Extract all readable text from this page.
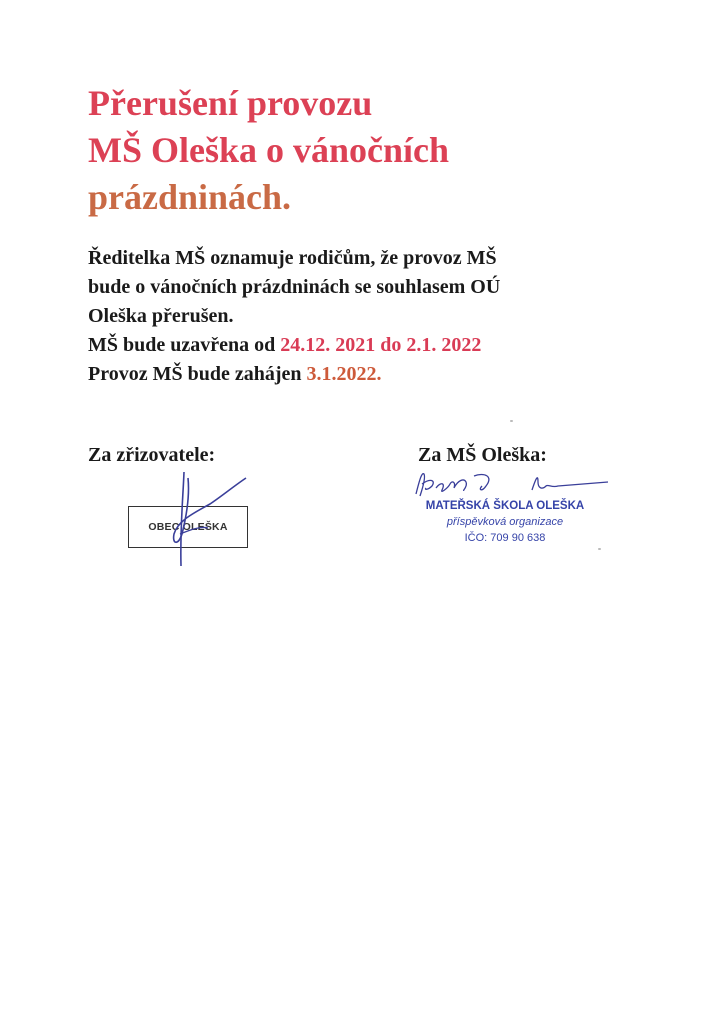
Přerušení provozu
MŠ Oleška o vánočních
prázdninách.
Ředitelka MŠ oznamuje rodičům, že provoz MŠ
bude o vánočních prázdninách se souhlasem OÚ
Oleška přerušen.
MŠ bude uzavřena od 24.12. 2021 do 2.1. 2022
Provoz MŠ bude zahájen 3.1.2022.
Za zřizovatele:	Za MŠ Oleška:
OBEC OLEŠKA
MATEŘSKÁ ŠKOLA OLEŠKA
příspěvková organizace
IČO: 709 90 638
